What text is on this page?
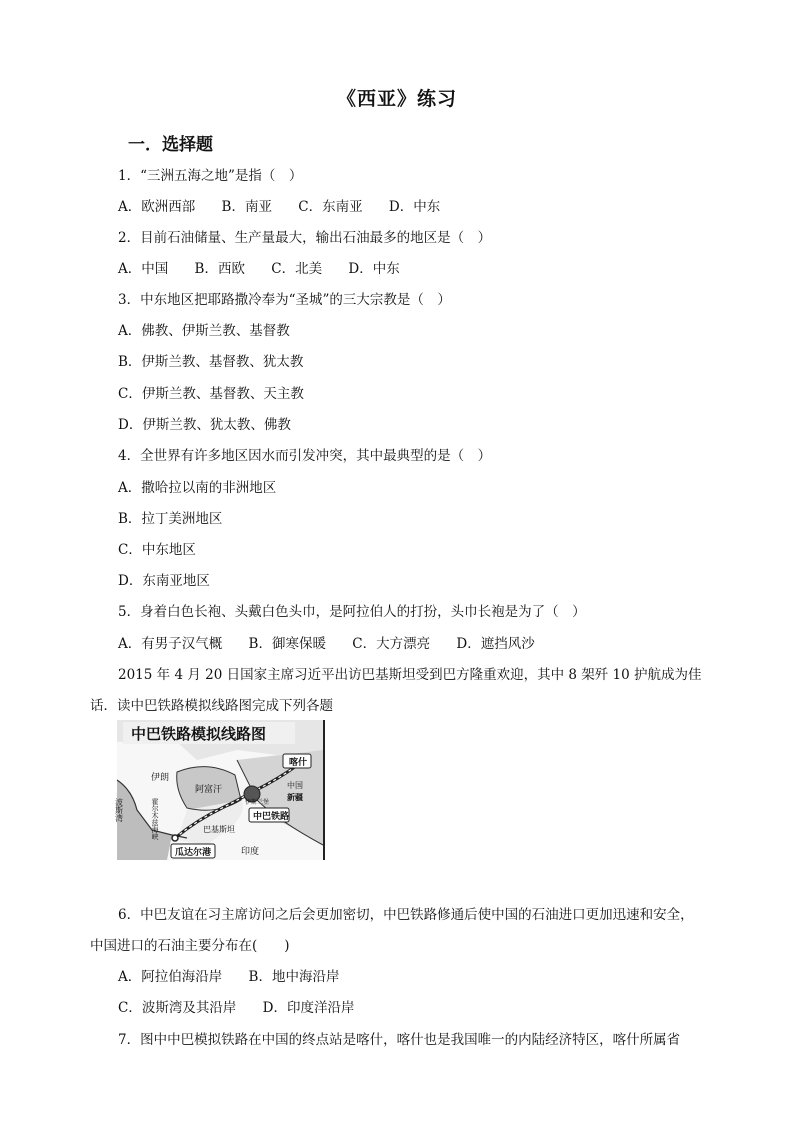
《西亚》练习
一．选择题
1．“三洲五海之地”是指（　）
A．欧洲西部 B．南亚 C．东南亚 D．中东
2．目前石油储量、生产量最大，输出石油最多的地区是（　）
A．中国 B．西欧 C．北美 D．中东
3．中东地区把耶路撒冷奉为“圣城”的三大宗教是（　）
A．佛教、伊斯兰教、基督教
B．伊斯兰教、基督教、犹太教
C．伊斯兰教、基督教、天主教
D．伊斯兰教、犹太教、佛教
4．全世界有许多地区因水而引发冲突，其中最典型的是（　）
A．撒哈拉以南的非洲地区
B．拉丁美洲地区
C．中东地区
D．东南亚地区
5．身着白色长袍、头戴白色头巾，是阿拉伯人的打扮，头巾长袍是为了（　）
A．有男子汉气概 B．御寒保暖 C．大方漂亮 D．遮挡风沙
2015 年 4 月 20 日国家主席习近平出访巴基斯坦受到巴方隆重欢迎，其中 8 架歼 10 护航成为佳
话．读中巴铁路模拟线路图完成下列各题
中巴铁路模拟线路图
伊朗
阿富汗
喀什
中国
新疆
伊斯兰堡
中巴铁路
巴基斯坦
瓜达尔港	印度
波斯湾	霍尔木兹海峡
6．中巴友谊在习主席访问之后会更加密切，中巴铁路修通后使中国的石油进口更加迅速和安全，
中国进口的石油主要分布在(　　)
A．阿拉伯海沿岸 B．地中海沿岸
C．波斯湾及其沿岸 D．印度洋沿岸
7．图中中巴模拟铁路在中国的终点站是喀什，喀什也是我国唯一的内陆经济特区，喀什所属省
